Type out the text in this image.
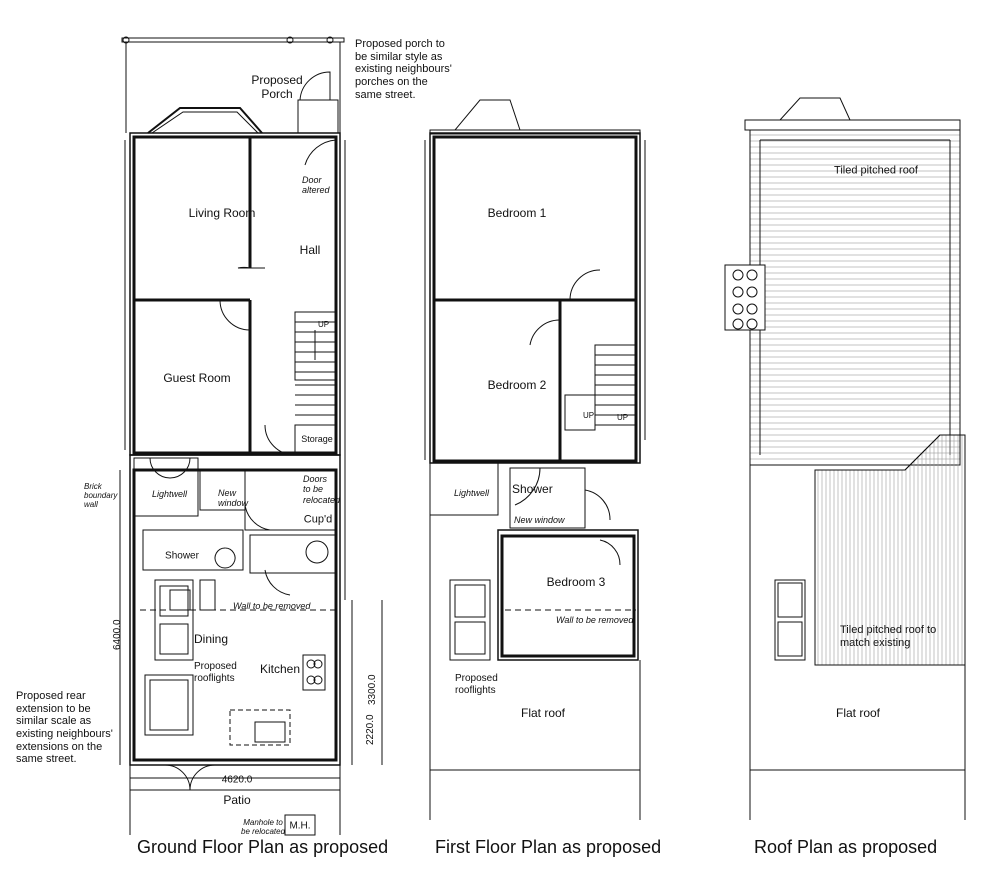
Living Room
Hall
Guest Room
Storage
Proposed
Porch
Door
altered
UP
Lightwell	New
window
Doors
to be
relocated
Cup'd
Shower
Wall to be removed
Dining
Proposed
rooflights
Kitchen
Patio
Manhole to
be relocated
M.H.
Brick
boundary
wall
6400.0
2220.0
3300.0
4620.0
Proposed porch to
be similar style as
existing neighbours'
porches on the
same street.
Proposed rear
extension to be
similar scale as
existing neighbours'
extensions on the
same street.
Bedroom 1
Bedroom 2
Bedroom 3
UP	UP
Lightwell Shower
New window
Wall to be removed
Proposed
rooflights
Flat roof
Tiled pitched roof
Tiled pitched roof to
match existing
Flat roof
Ground Floor Plan as proposed	First Floor Plan as proposed	Roof Plan as proposed
